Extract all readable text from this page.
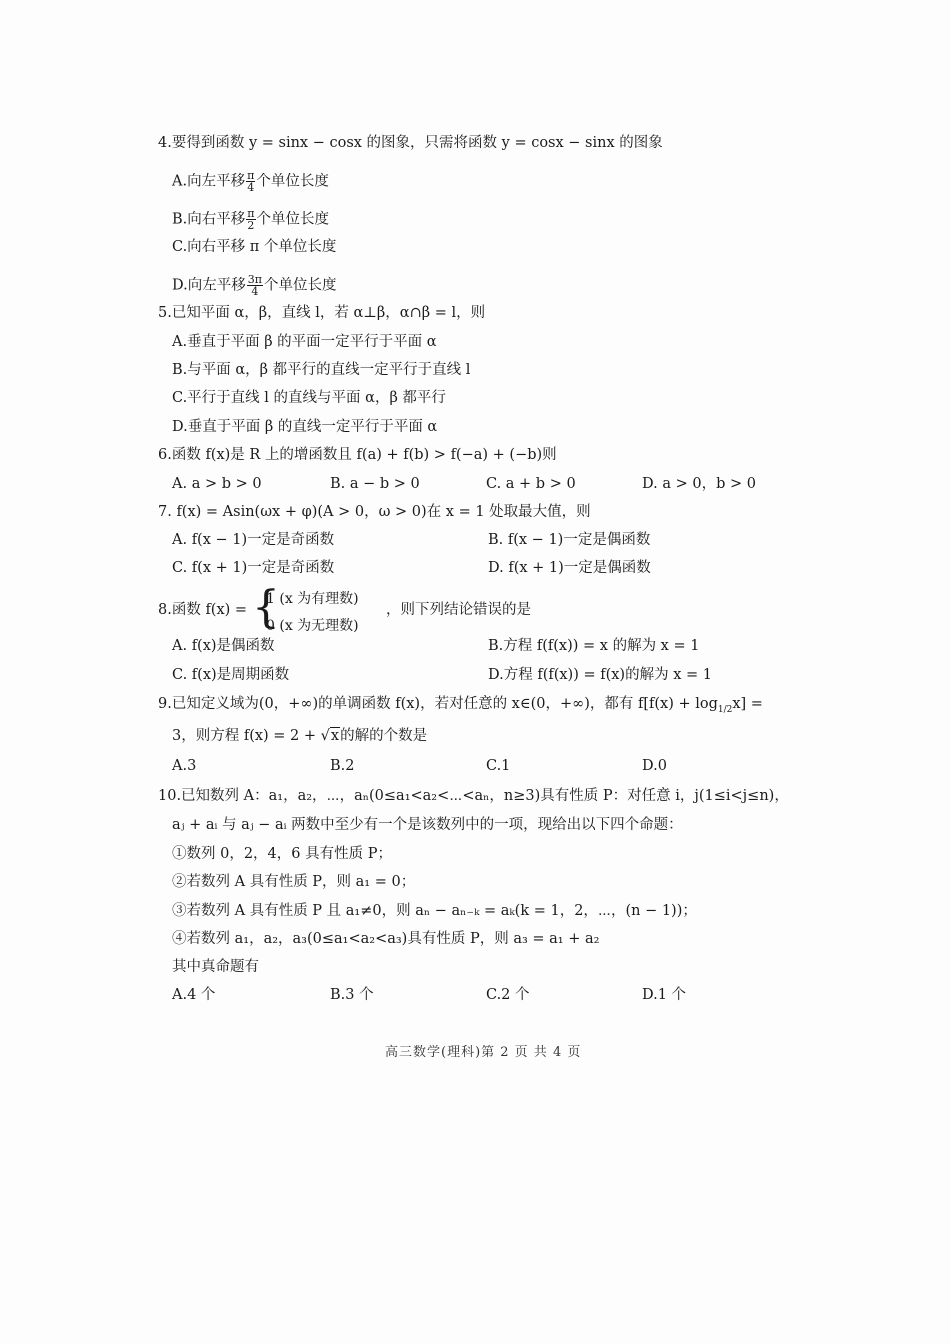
4.要得到函数 y = sinx − cosx 的图象，只需将函数 y = cosx − sinx 的图象
A.向左平移 $\frac{\pi}{4}$ 个单位长度
B.向右平移 $\frac{\pi}{2}$ 个单位长度
C.向右平移 π 个单位长度
D.向左平移 $\frac{3\pi}{4}$ 个单位长度
5.已知平面 α，β，直线 l，若 α⊥β，α∩β = l，则
A.垂直于平面 β 的平面一定平行于平面 α
B.与平面 α，β 都平行的直线一定平行于直线 l
C.平行于直线 l 的直线与平面 α，β 都平行
D.垂直于平面 β 的直线一定平行于平面 α
6.函数 f(x)是 R 上的增函数且 f(a) + f(b) > f(−a) + (−b)则
A. a > b > 0	B. a − b > 0	C. a + b > 0	D. a > 0，b > 0
7. f(x) = Asin(ωx + φ)(A > 0，ω > 0)在 x = 1 处取最大值，则
A. f(x − 1)一定是奇函数	B. f(x − 1)一定是偶函数
C. f(x + 1)一定是奇函数	D. f(x + 1)一定是偶函数
8.函数 f(x) = {
1 (x 为有理数)
0 (x 为无理数)
，则下列结论错误的是
A. f(x)是偶函数	B.方程 f(f(x)) = x 的解为 x = 1
C. f(x)是周期函数	D.方程 f(f(x)) = f(x)的解为 x = 1
9.已知定义域为(0，+∞)的单调函数 f(x)，若对任意的 x∈(0，+∞)，都有 $f[f(x) + \log_{1/2}x]$ =
3，则方程 f(x) = 2 + √x的解的个数是
A.3	B.2	C.1	D.0
10.已知数列 A：a₁，a₂，⋯，aₙ(0≤a₁<a₂<⋯<aₙ，n≥3)具有性质 P：对任意 i，j(1≤i<j≤n)，
aⱼ + aᵢ 与 aⱼ − aᵢ 两数中至少有一个是该数列中的一项，现给出以下四个命题：
①数列 0，2，4，6 具有性质 P；
②若数列 A 具有性质 P，则 a₁ = 0；
③若数列 A 具有性质 P 且 a₁≠0，则 aₙ − aₙ₋ₖ = aₖ(k = 1，2，⋯，(n − 1))；
④若数列 a₁，a₂，a₃(0≤a₁<a₂<a₃)具有性质 P，则 a₃ = a₁ + a₂
其中真命题有
A.4 个	B.3 个	C.2 个	D.1 个
高三数学(理科)第 2 页 共 4 页
